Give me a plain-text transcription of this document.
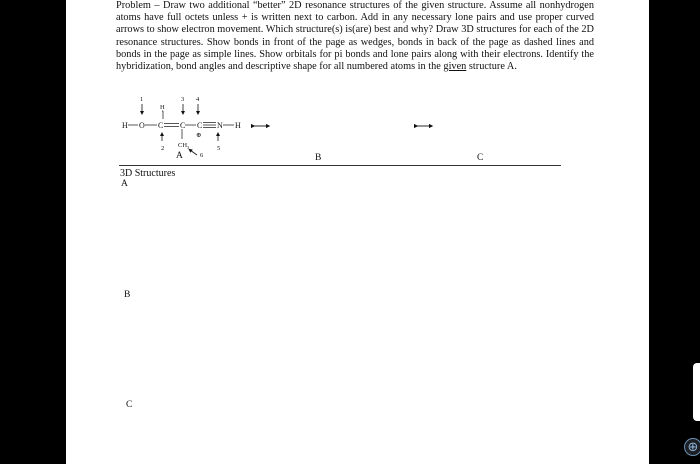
Problem – Draw two additional “better” 2D resonance structures of the given structure. Assume all nonhydrogen atoms have full octets unless + is written next to carbon. Add in any necessary lone pairs and use proper curved arrows to show electron movement. Which structure(s) is(are) best and why? Draw 3D structures for each of the 2D resonance structures. Show bonds in front of the page as wedges, bonds in back of the page as dashed lines and bonds in the page as simple lines. Show orbitals for pi bonds and lone pairs along with their electrons. Identify the hybridization, bond angles and descriptive shape for all numbered atoms in the given structure A.

1	3 4
2	5
6
H
H O C C C N H
$CH_3$
⊕
A	B	C
3D Structures
A
B
C
⊕
